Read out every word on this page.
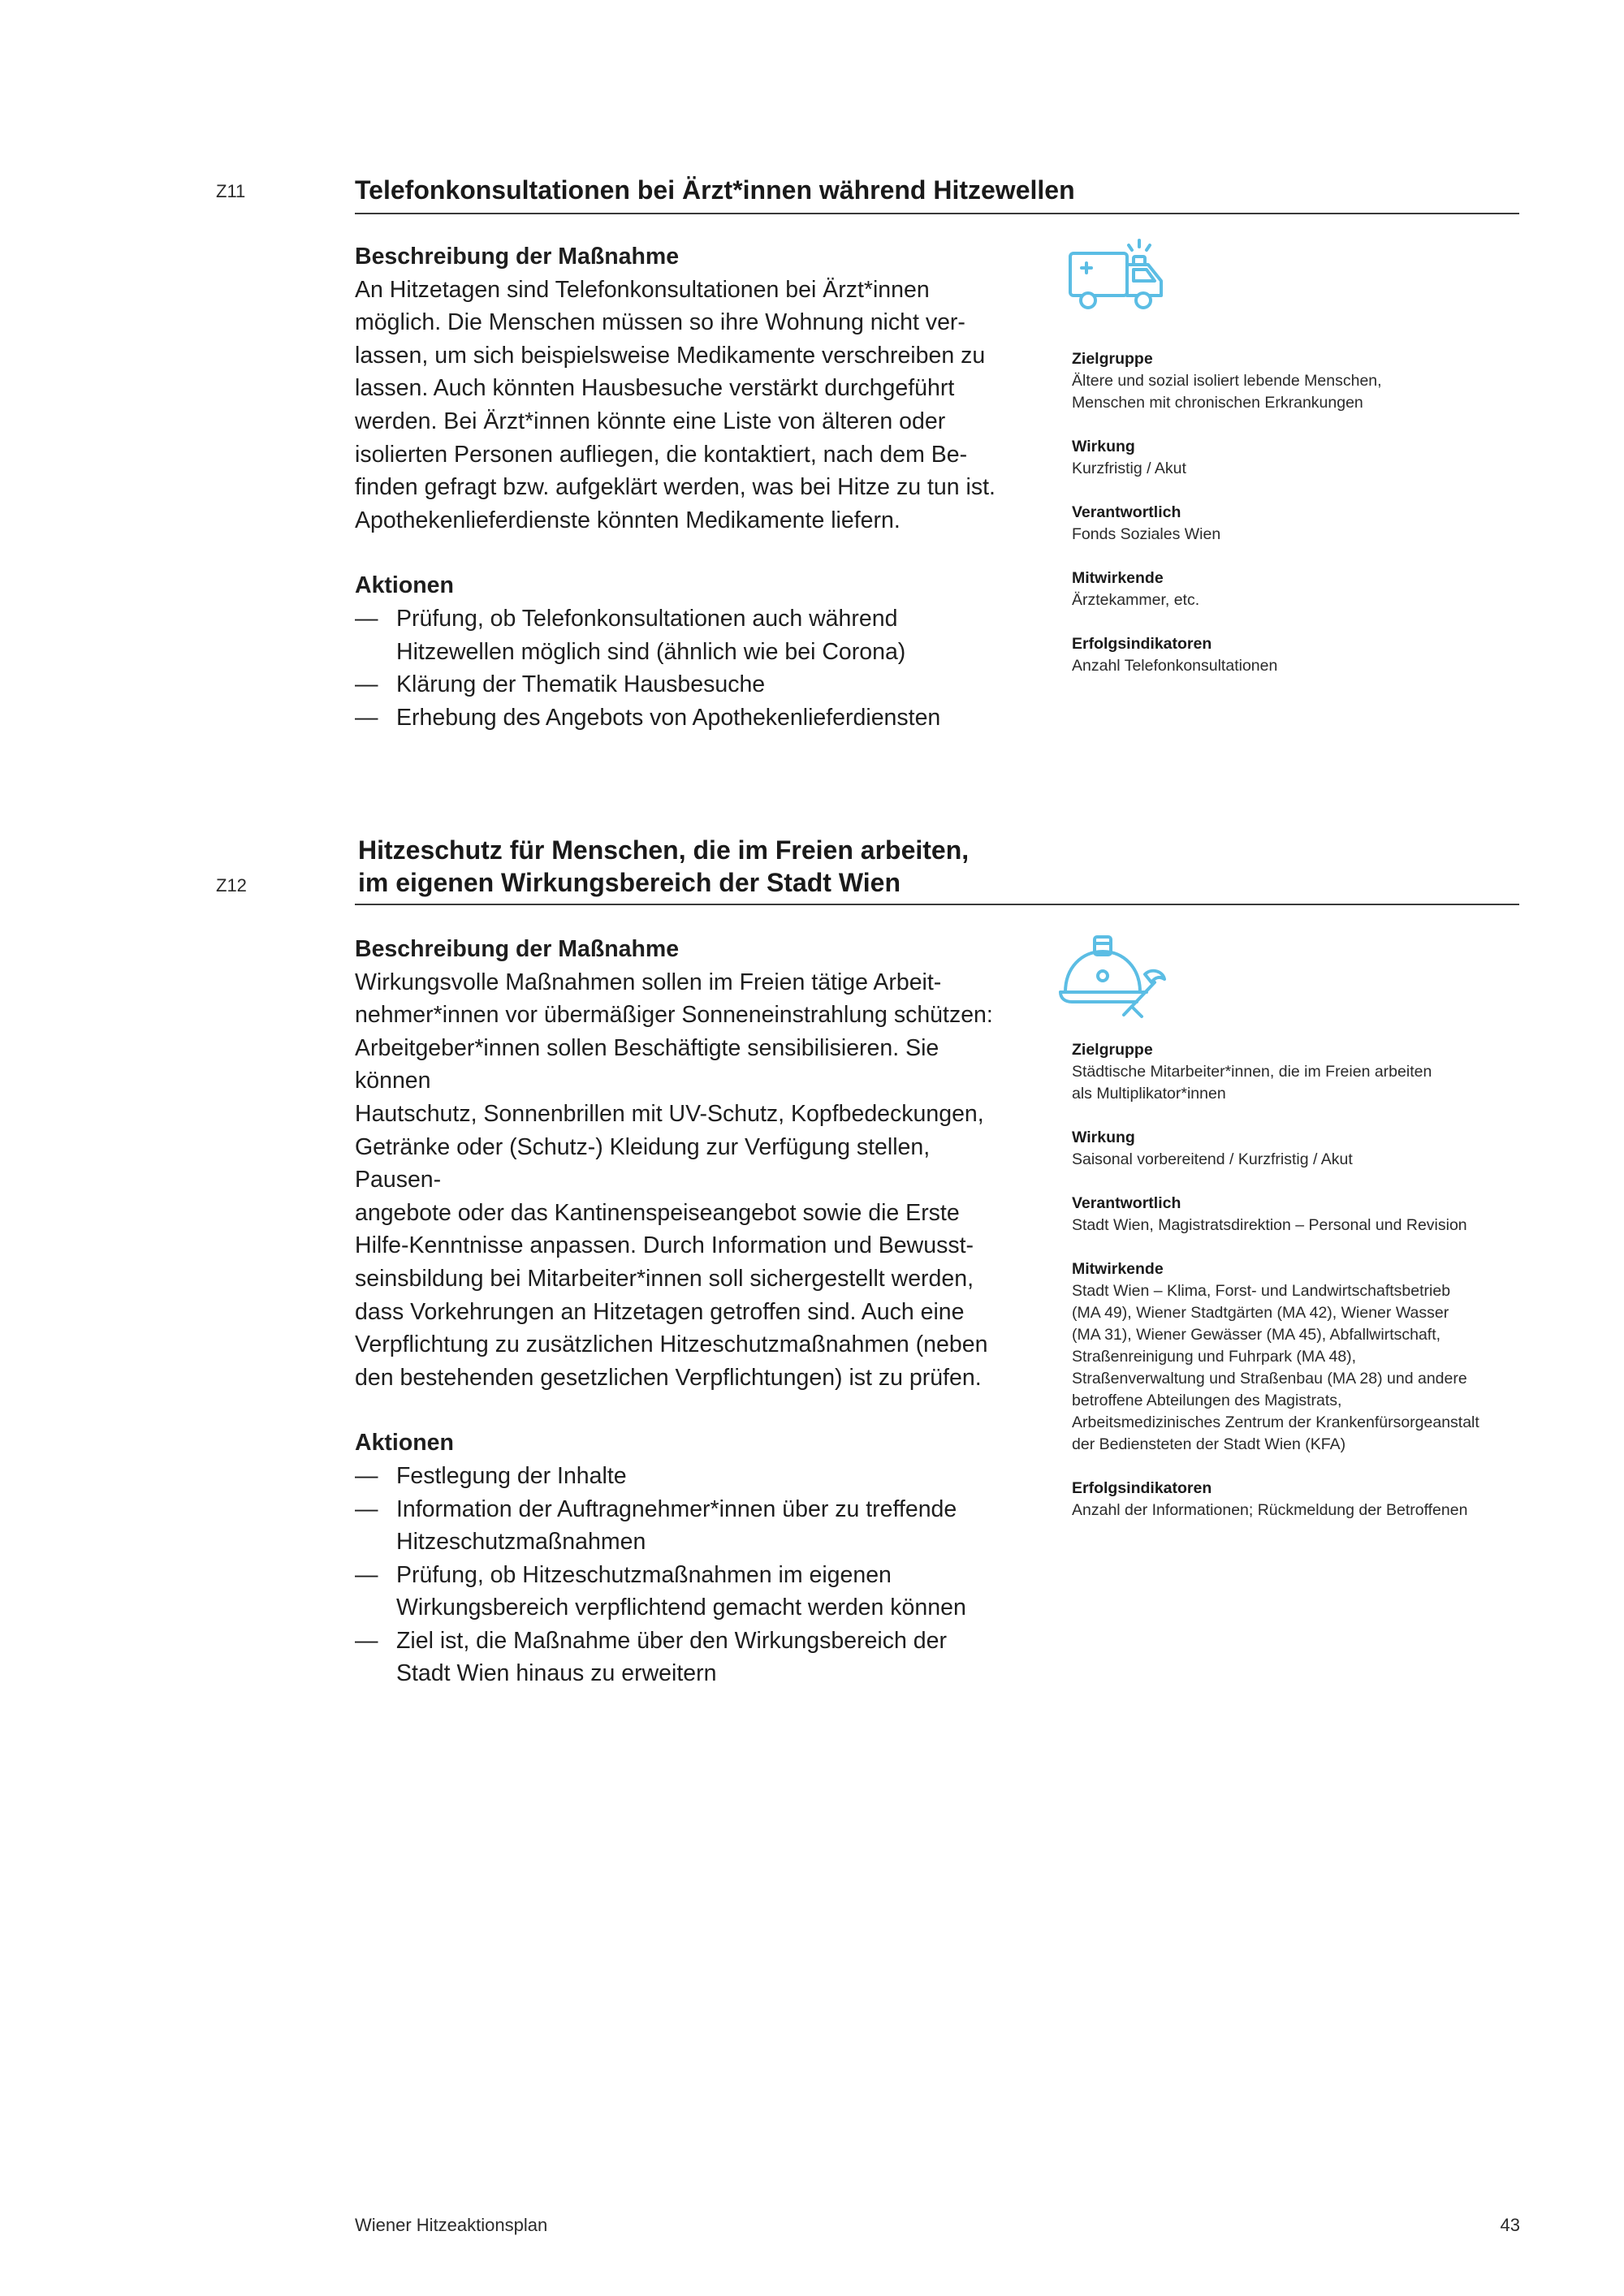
Z11	Telefonkonsultationen bei Ärzt*innen während Hitzewellen
Beschreibung der Maßnahme

An Hitzetagen sind Telefonkonsultationen bei Ärzt*innen
möglich. Die Menschen müssen so ihre Wohnung nicht ver-
lassen, um sich beispielsweise Medikamente verschreiben zu
lassen. Auch könnten Hausbesuche verstärkt durchgeführt
werden. Bei Ärzt*innen könnte eine Liste von älteren oder
isolierten Personen aufliegen, die kontaktiert, nach dem Be-
finden gefragt bzw. aufgeklärt werden, was bei Hitze zu tun ist.
Apothekenlieferdienste könnten Medikamente liefern.

Aktionen
— Prüfung, ob Telefonkonsultationen auch während
Hitzewellen möglich sind (ähnlich wie bei Corona)
— Klärung der Thematik Hausbesuche
— Erhebung des Angebots von Apothekenlieferdiensten
Zielgruppe
Ältere und sozial isoliert lebende Menschen,
Menschen mit chronischen Erkrankungen
Wirkung
Kurzfristig / Akut
Verantwortlich
Fonds Soziales Wien
Mitwirkende
Ärztekammer, etc.
Erfolgsindikatoren
Anzahl Telefonkonsultationen
Z12
Hitzeschutz für Menschen, die im Freien arbeiten,
im eigenen Wirkungsbereich der Stadt Wien
Beschreibung der Maßnahme

Wirkungsvolle Maßnahmen sollen im Freien tätige Arbeit-
nehmer*innen vor übermäßiger Sonneneinstrahlung schützen:
Arbeitgeber*innen sollen Beschäftigte sensibilisieren. Sie können
Hautschutz, Sonnenbrillen mit UV-Schutz, Kopfbedeckungen,
Getränke oder (Schutz-) Kleidung zur Verfügung stellen, Pausen-
angebote oder das Kantinenspeiseangebot sowie die Erste
Hilfe-Kenntnisse anpassen. Durch Information und Bewusst-
seinsbildung bei Mitarbeiter*innen soll sichergestellt werden,
dass Vorkehrungen an Hitzetagen getroffen sind. Auch eine
Verpflichtung zu zusätzlichen Hitzeschutzmaßnahmen (neben
den bestehenden gesetzlichen Verpflichtungen) ist zu prüfen.

Aktionen
— Festlegung der Inhalte
— Information der Auftragnehmer*innen über zu treffende
Hitzeschutzmaßnahmen
— Prüfung, ob Hitzeschutzmaßnahmen im eigenen
Wirkungsbereich verpflichtend gemacht werden können
— Ziel ist, die Maßnahme über den Wirkungsbereich der
Stadt Wien hinaus zu erweitern
Zielgruppe
Städtische Mitarbeiter*innen, die im Freien arbeiten
als Multiplikator*innen
Wirkung
Saisonal vorbereitend / Kurzfristig / Akut
Verantwortlich
Stadt Wien, Magistratsdirektion – Personal und Revision
Mitwirkende
Stadt Wien – Klima, Forst- und Landwirtschaftsbetrieb
(MA 49), Wiener Stadtgärten (MA 42), Wiener Wasser
(MA 31), Wiener Gewässer (MA 45), Abfallwirtschaft,
Straßenreinigung und Fuhrpark (MA 48),
Straßenverwaltung und Straßenbau (MA 28) und andere
betroffene Abteilungen des Magistrats,
Arbeitsmedizinisches Zentrum der Krankenfürsorgeanstalt
der Bediensteten der Stadt Wien (KFA)
Erfolgsindikatoren
Anzahl der Informationen; Rückmeldung der Betroffenen
Wiener Hitzeaktionsplan	43
